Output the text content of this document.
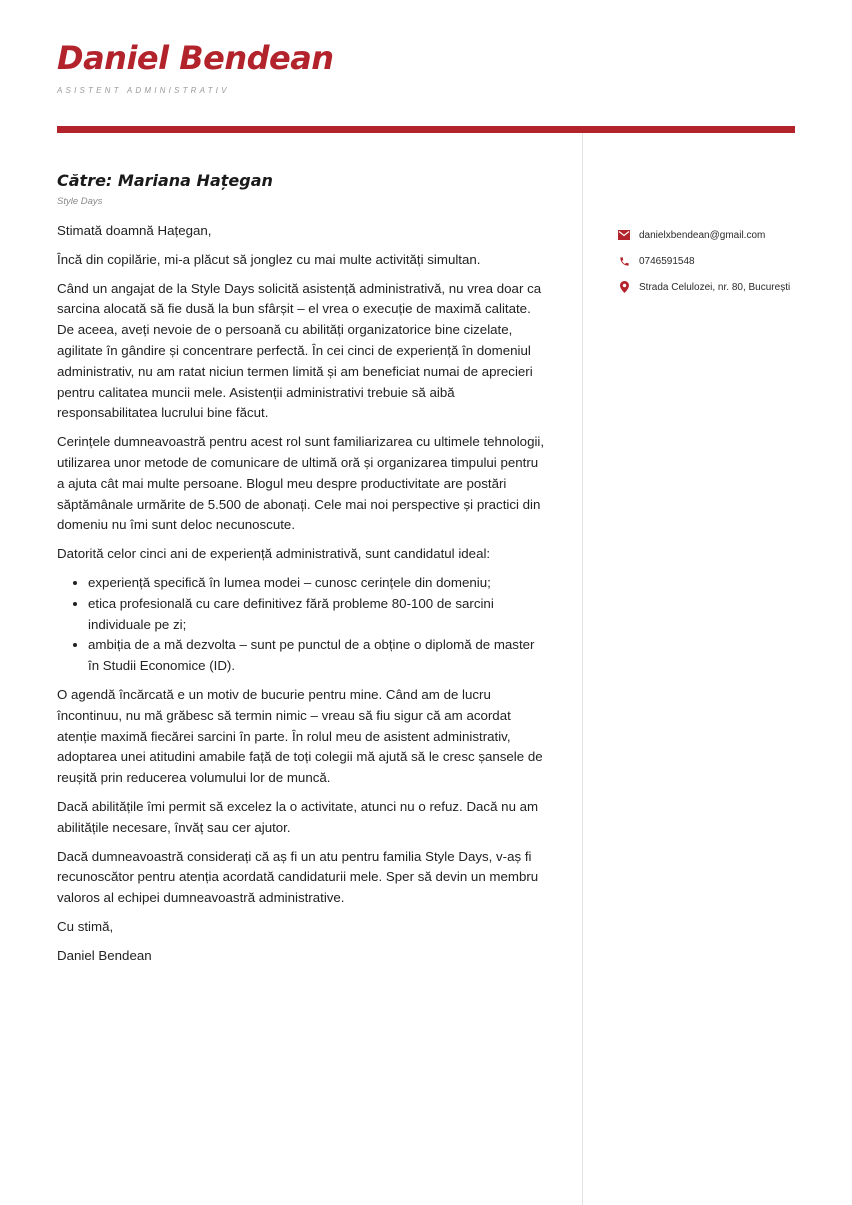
Daniel Bendean
ASISTENT ADMINISTRATIV
Către: Mariana Hațegan
Style Days

Stimată doamnă Hațegan,

Încă din copilărie, mi-a plăcut să jonglez cu mai multe activități simultan.

Când un angajat de la Style Days solicită asistență administrativă, nu vrea doar ca sarcina alocată să fie dusă la bun sfârșit – el vrea o execuție de maximă calitate. De aceea, aveți nevoie de o persoană cu abilități organizatorice bine cizelate, agilitate în gândire și concentrare perfectă. În cei cinci de experiență în domeniul administrativ, nu am ratat niciun termen limită și am beneficiat numai de aprecieri pentru calitatea muncii mele. Asistenții administrativi trebuie să aibă responsabilitatea lucrului bine făcut.

Cerințele dumneavoastră pentru acest rol sunt familiarizarea cu ultimele tehnologii, utilizarea unor metode de comunicare de ultimă oră și organizarea timpului pentru a ajuta cât mai multe persoane. Blogul meu despre productivitate are postări săptămânale urmărite de 5.500 de abonați. Cele mai noi perspective și practici din domeniu nu îmi sunt deloc necunoscute.

Datorită celor cinci ani de experiență administrativă, sunt candidatul ideal:

• experiență specifică în lumea modei – cunosc cerințele din domeniu;
• etica profesională cu care definitivez fără probleme 80-100 de sarcini individuale pe zi;
• ambiția de a mă dezvolta – sunt pe punctul de a obține o diplomă de master în Studii Economice (ID).

O agendă încărcată e un motiv de bucurie pentru mine. Când am de lucru încontinuu, nu mă grăbesc să termin nimic – vreau să fiu sigur că am acordat atenție maximă fiecărei sarcini în parte. În rolul meu de asistent administrativ, adoptarea unei atitudini amabile față de toți colegii mă ajută să le cresc șansele de reușită prin reducerea volumului lor de muncă.

Dacă abilitățile îmi permit să excelez la o activitate, atunci nu o refuz. Dacă nu am abilitățile necesare, învăț sau cer ajutor.

Dacă dumneavoastră considerați că aș fi un atu pentru familia Style Days, v-aș fi recunoscător pentru atenția acordată candidaturii mele. Sper să devin un membru valoros al echipei dumneavoastră administrative.

Cu stimă,

Daniel Bendean

danielxbendean@gmail.com
0746591548
Strada Celulozei, nr. 80, București
